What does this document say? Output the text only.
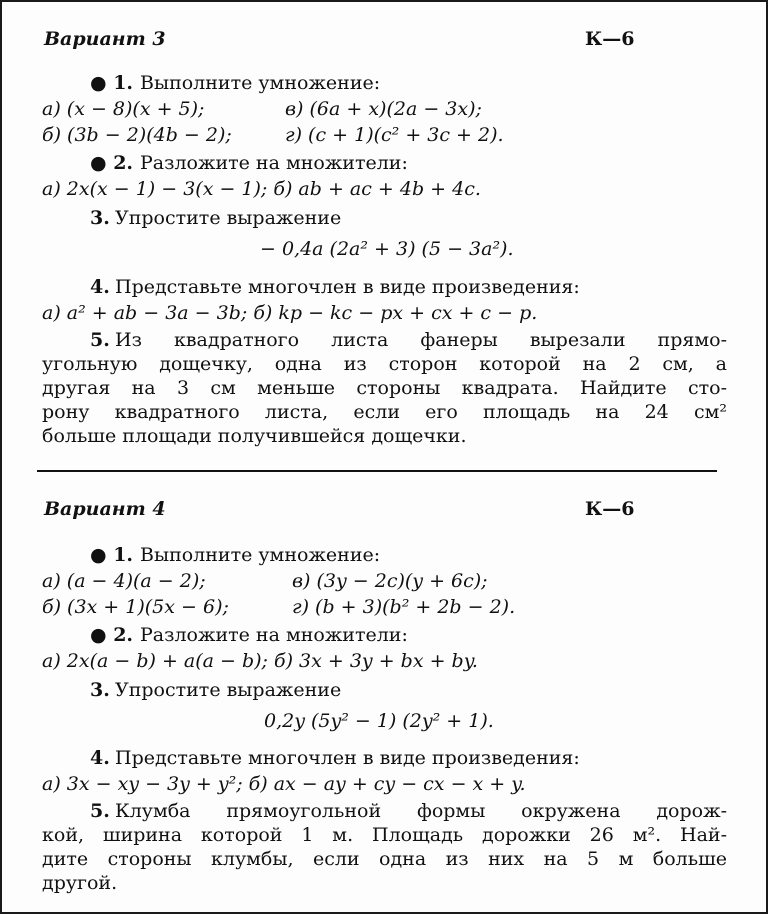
Вариант 3	К—6
● 1. Выполните умножение:
а) (x − 8)(x + 5);	в) (6a + x)(2a − 3x);
б) (3b − 2)(4b − 2);	г) (c + 1)(c² + 3c + 2).
● 2. Разложите на множители:
а) 2x(x − 1) − 3(x − 1); б) ab + ac + 4b + 4c.
3. Упростите выражение
− 0,4a (2a² + 3) (5 − 3a²).
4. Представьте многочлен в виде произведения:
а) a² + ab − 3a − 3b; б) kp − kc − px + cx + c − p.
5. Из квадратного листа фанеры вырезали прямо-
угольную дощечку, одна из сторон которой на 2 см, а
другая на 3 см меньше стороны квадрата. Найдите сто-
рону квадратного листа, если его площадь на 24 см²
больше площади получившейся дощечки.
Вариант 4	К—6
● 1. Выполните умножение:
а) (a − 4)(a − 2);	в) (3y − 2c)(y + 6c);
б) (3x + 1)(5x − 6);	г) (b + 3)(b² + 2b − 2).
● 2. Разложите на множители:
а) 2x(a − b) + a(a − b); б) 3x + 3y + bx + by.
3. Упростите выражение
0,2y (5y² − 1) (2y² + 1).
4. Представьте многочлен в виде произведения:
а) 3x − xy − 3y + y²; б) ax − ay + cy − cx − x + y.
5. Клумба прямоугольной формы окружена дорож-
кой, ширина которой 1 м. Площадь дорожки 26 м². Най-
дите стороны клумбы, если одна из них на 5 м больше
другой.
